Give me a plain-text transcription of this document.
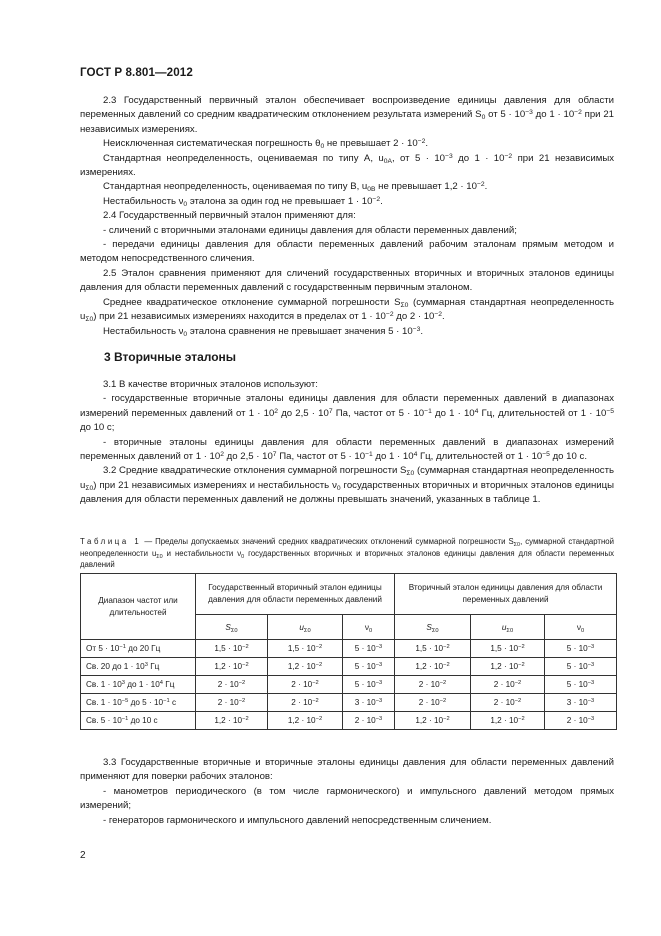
ГОСТ Р 8.801—2012

2.3 Государственный первичный эталон обеспечивает воспроизведение единицы давления для области переменных давлений со средним квадратическим отклонением результата измерений $S_0$ от $5 \cdot 10^{-3}$ до $1 \cdot 10^{-2}$ при 21 независимых измерениях.

Неисключенная систематическая погрешность $\theta_0$ не превышает $2 \cdot 10^{-2}$.

Стандартная неопределенность, оцениваемая по типу А, $u_{0A}$, от $5 \cdot 10^{-3}$ до $1 \cdot 10^{-2}$ при 21 независимых измерениях.

Стандартная неопределенность, оцениваемая по типу В, $u_{0B}$ не превышает $1,2 \cdot 10^{-2}$.

Нестабильность $\nu_0$ эталона за один год не превышает $1 \cdot 10^{-2}$.

2.4 Государственный первичный эталон применяют для:

- сличений с вторичными эталонами единицы давления для области переменных давлений;

- передачи единицы давления для области переменных давлений рабочим эталонам прямым методом и методом непосредственного сличения.

2.5 Эталон сравнения применяют для сличений государственных вторичных и вторичных эталонов единицы давления для области переменных давлений с государственным первичным эталоном.

Среднее квадратическое отклонение суммарной погрешности $S_{\Sigma 0}$ (суммарная стандартная неопределенность $u_{\Sigma 0}$) при 21 независимых измерениях находится в пределах от $1 \cdot 10^{-2}$ до $2 \cdot 10^{-2}$.

Нестабильность $\nu_0$ эталона сравнения не превышает значения $5 \cdot 10^{-3}$.

3 Вторичные эталоны

3.1 В качестве вторичных эталонов используют:

- государственные вторичные эталоны единицы давления для области переменных давлений в диапазонах измерений переменных давлений от $1 \cdot 10^2$ до $2,5 \cdot 10^7$ Па, частот от $5 \cdot 10^{-1}$ до $1 \cdot 10^4$ Гц, длительностей от $1 \cdot 10^{-5}$ до 10 с;

- вторичные эталоны единицы давления для области переменных давлений в диапазонах измерений переменных давлений от $1 \cdot 10^2$ до $2,5 \cdot 10^7$ Па, частот от $5 \cdot 10^{-1}$ до $1 \cdot 10^4$ Гц, длительностей от $1 \cdot 10^{-5}$ до 10 с.

3.2 Средние квадратические отклонения суммарной погрешности $S_{\Sigma 0}$ (суммарная стандартная неопределенность $u_{\Sigma 0}$) при 21 независимых измерениях и нестабильность $\nu_0$ государственных вторичных и вторичных эталонов единицы давления для области переменных давлений не должны превышать значений, указанных в таблице 1.

Таблица 1 — Пределы допускаемых значений средних квадратических отклонений суммарной погрешности $S_{\Sigma 0}$, суммарной стандартной неопределенности $u_{\Sigma 0}$ и нестабильности $\nu_0$ государственных вторичных и вторичных эталонов единицы давления для области переменных давлений
Диапазон частот или длительностей	Государственный вторичный эталон единицы давления для области переменных давлений			Вторичный эталон единицы давления для области переменных давлений		
	$S_{\Sigma 0}$	$u_{\Sigma 0}$	$\nu_0$	$S_{\Sigma 0}$	$u_{\Sigma 0}$	$\nu_0$
От $5 \cdot 10^{-1}$ до 20 Гц	$1,5 \cdot 10^{-2}$	$1,5 \cdot 10^{-2}$	$5 \cdot 10^{-3}$	$1,5 \cdot 10^{-2}$	$1,5 \cdot 10^{-2}$	$5 \cdot 10^{-3}$
Св. 20 до $1 \cdot 10^3$ Гц	$1,2 \cdot 10^{-2}$	$1,2 \cdot 10^{-2}$	$5 \cdot 10^{-3}$	$1,2 \cdot 10^{-2}$	$1,2 \cdot 10^{-2}$	$5 \cdot 10^{-3}$
Св. $1 \cdot 10^3$ до $1 \cdot 10^4$ Гц	$2 \cdot 10^{-2}$	$2 \cdot 10^{-2}$	$5 \cdot 10^{-3}$	$2 \cdot 10^{-2}$	$2 \cdot 10^{-2}$	$5 \cdot 10^{-3}$
Св. $1 \cdot 10^{-5}$ до $5 \cdot 10^{-1}$ с	$2 \cdot 10^{-2}$	$2 \cdot 10^{-2}$	$3 \cdot 10^{-3}$	$2 \cdot 10^{-2}$	$2 \cdot 10^{-2}$	$3 \cdot 10^{-3}$
Св. $5 \cdot 10^{-1}$ до 10 с	$1,2 \cdot 10^{-2}$	$1,2 \cdot 10^{-2}$	$2 \cdot 10^{-3}$	$1,2 \cdot 10^{-2}$	$1,2 \cdot 10^{-2}$	$2 \cdot 10^{-3}$

3.3 Государственные вторичные и вторичные эталоны единицы давления для области переменных давлений применяют для поверки рабочих эталонов:

- манометров периодического (в том числе гармонического) и импульсного давлений методом прямых измерений;

- генераторов гармонического и импульсного давлений непосредственным сличением.

2
